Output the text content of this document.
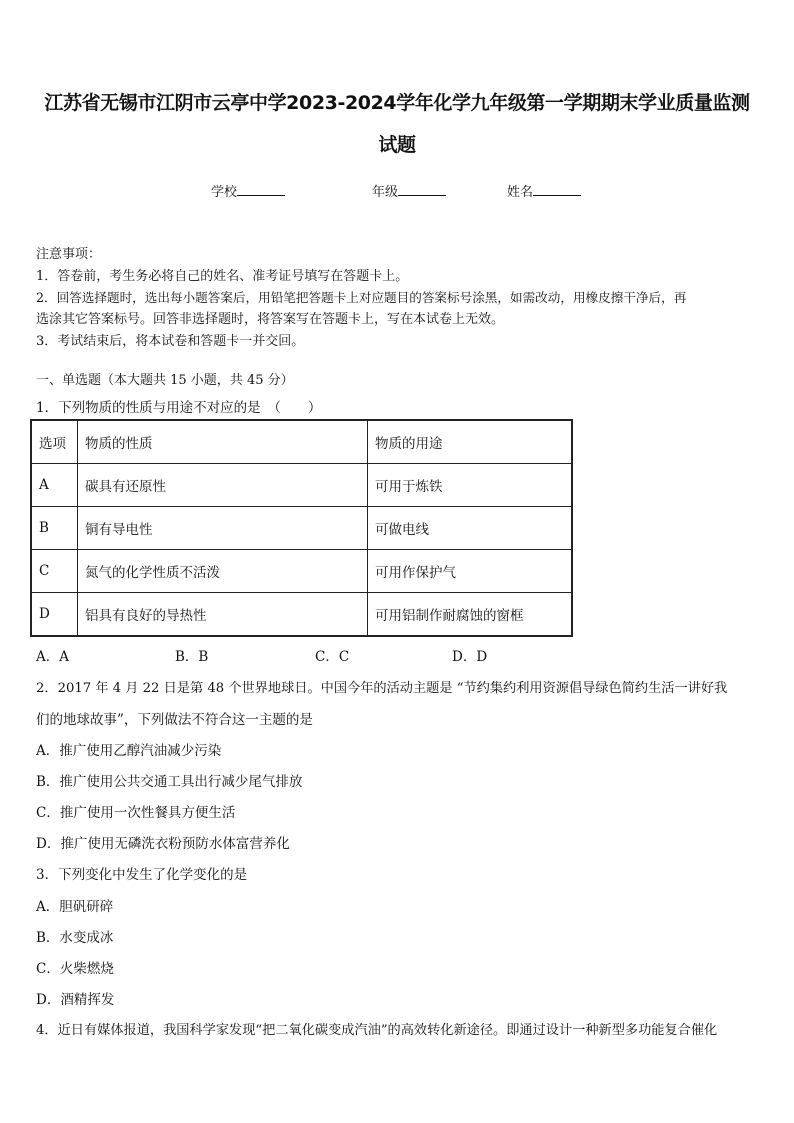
江苏省无锡市江阴市云亭中学2023-2024学年化学九年级第一学期期末学业质量监测
试题
学校	年级	姓名
注意事项：
1．答卷前，考生务必将自己的姓名、准考证号填写在答题卡上。
2．回答选择题时，选出每小题答案后，用铅笔把答题卡上对应题目的答案标号涂黑，如需改动，用橡皮擦干净后，再
选涂其它答案标号。回答非选择题时，将答案写在答题卡上，写在本试卷上无效。
3．考试结束后，将本试卷和答题卡一并交回。
一、单选题（本大题共 15 小题，共 45 分）
1．下列物质的性质与用途不对应的是　（　　）
选项	物质的性质	物质的用途
A	碳具有还原性	可用于炼铁
B	铜有导电性	可做电线
C	氮气的化学性质不活泼	可用作保护气
D	铝具有良好的导热性	可用铝制作耐腐蚀的窗框
A．A	B．B	C．C	D．D
2．2017 年 4 月 22 日是第 48 个世界地球日。中国今年的活动主题是 “节约集约利用资源倡导绿色简约生活一讲好我
们的地球故事”，下列做法不符合这一主题的是
A．推广使用乙醇汽油减少污染
B．推广使用公共交通工具出行减少尾气排放
C．推广使用一次性餐具方便生活
D．推广使用无磷洗衣粉预防水体富营养化
3．下列变化中发生了化学变化的是
A．胆矾研碎
B．水变成冰
C．火柴燃烧
D．酒精挥发
4．近日有媒体报道，我国科学家发现“把二氧化碳变成汽油”的高效转化新途径。即通过设计一种新型多功能复合催化
